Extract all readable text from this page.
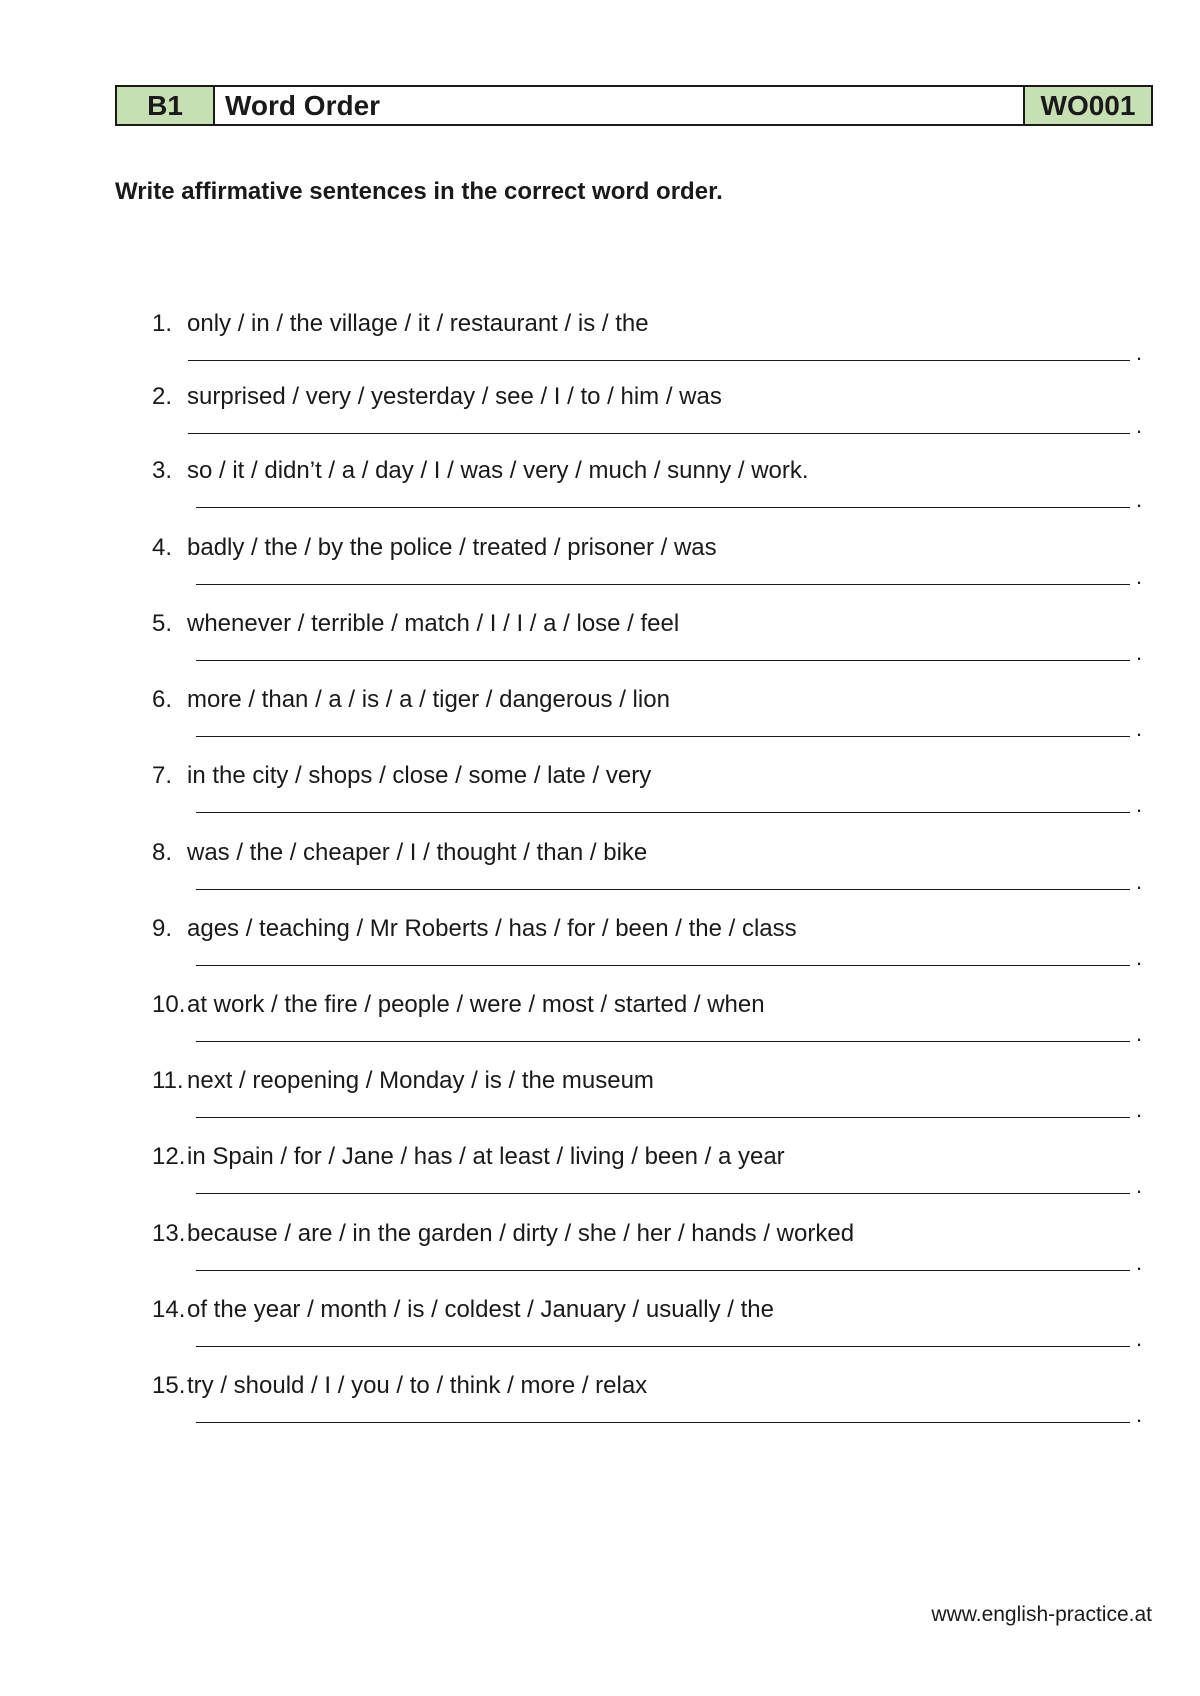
B1	Word Order	WO001
Write affirmative sentences in the correct word order.
1. only / in / the village / it / restaurant / is / the
.
2. surprised / very / yesterday / see / I / to / him / was
.
3. so / it / didn’t / a / day / I / was / very / much / sunny / work.
.
4. badly / the / by the police / treated / prisoner / was
.
5. whenever / terrible / match / I / I / a / lose / feel
.
6. more / than / a / is / a / tiger / dangerous / lion
.
7. in the city / shops / close / some / late / very
.
8. was / the / cheaper / I / thought / than / bike
.
9. ages / teaching / Mr Roberts / has / for / been / the / class
.
10. at work / the fire / people / were / most / started / when
.
11. next / reopening / Monday / is / the museum
.
12. in Spain / for / Jane / has / at least / living / been / a year
.
13. because / are / in the garden / dirty / she / her / hands / worked
.
14. of the year / month / is / coldest / January / usually / the
.
15. try / should / I / you / to / think / more / relax
.
www.english-practice.at
